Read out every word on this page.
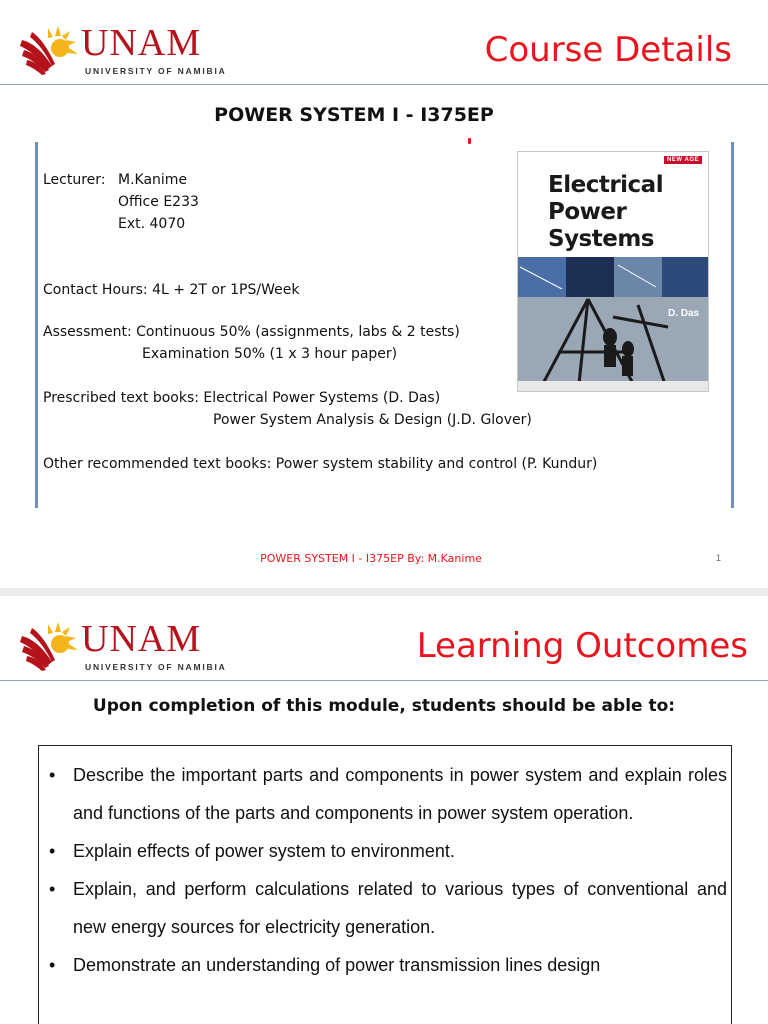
UNAM
UNIVERSITY OF NAMIBIA
Course Details
POWER SYSTEM I - I375EP
Lecturer: M.Kanime
Office E233
Ext. 4070
Contact Hours: 4L + 2T or 1PS/Week
Assessment: Continuous 50% (assignments, labs & 2 tests)
Examination 50% (1 x 3 hour paper)
Prescribed text books: Electrical Power Systems (D. Das)
Power System Analysis & Design (J.D. Glover)
Other recommended text books: Power system stability and control (P. Kundur)
NEW AGE
Electrical
Power
Systems
D. Das
POWER SYSTEM I - I375EP By: M.Kanime	1
UNAM
UNIVERSITY OF NAMIBIA
Learning Outcomes
Upon completion of this module, students should be able to:
• Describe the important parts and components in power system and explain roles and functions of the parts and components in power system operation.
• Explain effects of power system to environment.
• Explain, and perform calculations related to various types of conventional and new energy sources for electricity generation.
• Demonstrate an understanding of power transmission lines design
